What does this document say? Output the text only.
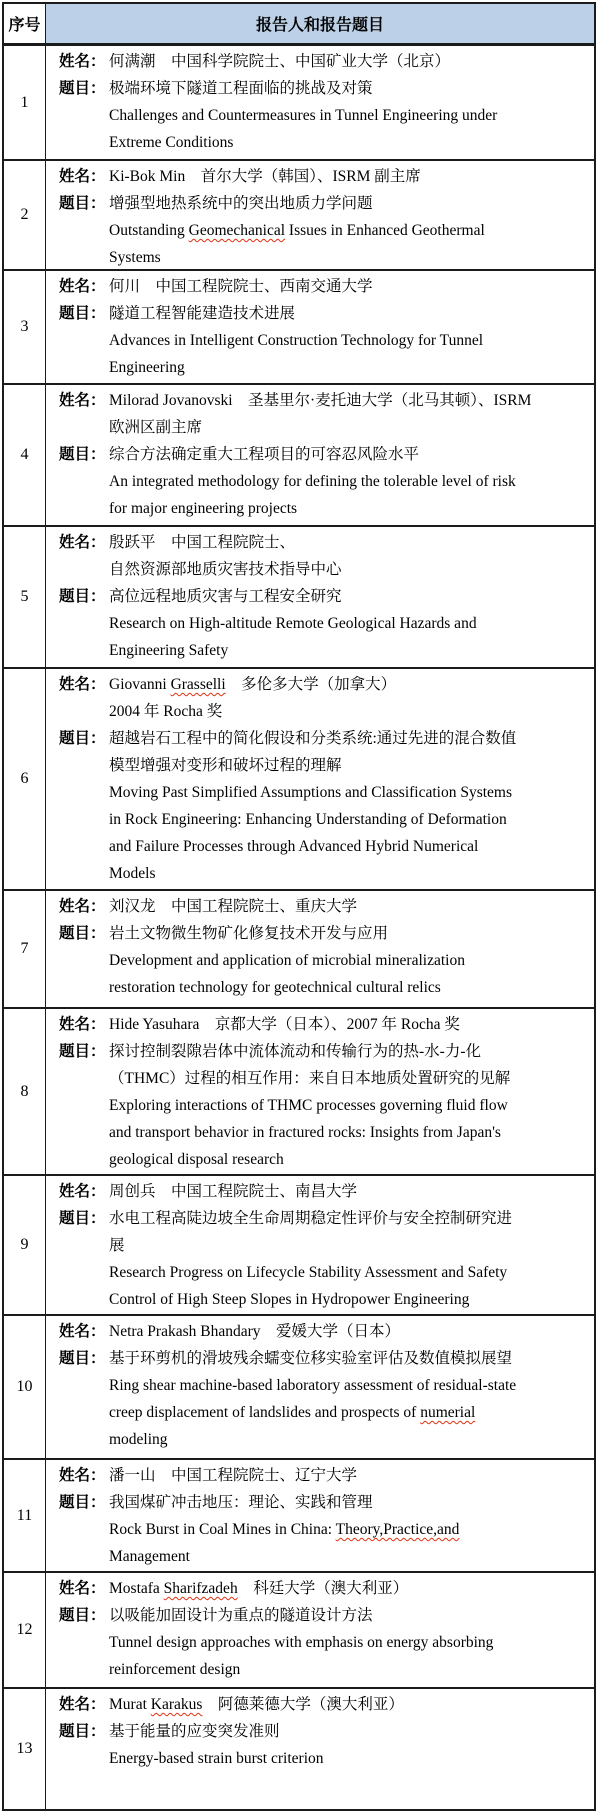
序号	报告人和报告题目
1
姓名： 何满潮　中国科学院院士、中国矿业大学（北京）
题目： 极端环境下隧道工程面临的挑战及对策
Challenges and Countermeasures in Tunnel Engineering under
Extreme Conditions
2
姓名： Ki-Bok Min　首尔大学（韩国）、ISRM 副主席
题目： 增强型地热系统中的突出地质力学问题
Outstanding Geomechanical Issues in Enhanced Geothermal
Systems
3
姓名： 何川　中国工程院院士、西南交通大学
题目： 隧道工程智能建造技术进展
Advances in Intelligent Construction Technology for Tunnel
Engineering
4
姓名： Milorad Jovanovski　圣基里尔·麦托迪大学（北马其顿）、ISRM
欧洲区副主席
题目： 综合方法确定重大工程项目的可容忍风险水平
An integrated methodology for defining the tolerable level of risk
for major engineering projects
5
姓名： 殷跃平　中国工程院院士、
自然资源部地质灾害技术指导中心
题目： 高位远程地质灾害与工程安全研究
Research on High-altitude Remote Geological Hazards and
Engineering Safety
6
姓名： Giovanni Grasselli　多伦多大学（加拿大）
2004 年 Rocha 奖
题目： 超越岩石工程中的简化假设和分类系统:通过先进的混合数值
模型增强对变形和破坏过程的理解
Moving Past Simplified Assumptions and Classification Systems
in Rock Engineering: Enhancing Understanding of Deformation
and Failure Processes through Advanced Hybrid Numerical
Models
7
姓名： 刘汉龙　中国工程院院士、重庆大学
题目： 岩土文物微生物矿化修复技术开发与应用
Development and application of microbial mineralization
restoration technology for geotechnical cultural relics
8
姓名： Hide Yasuhara　京都大学（日本）、2007 年 Rocha 奖
题目： 探讨控制裂隙岩体中流体流动和传输行为的热-水-力-化
（THMC）过程的相互作用：来自日本地质处置研究的见解
Exploring interactions of THMC processes governing fluid flow
and transport behavior in fractured rocks: Insights from Japan's
geological disposal research
9
姓名： 周创兵　中国工程院院士、南昌大学
题目： 水电工程高陡边坡全生命周期稳定性评价与安全控制研究进
展
Research Progress on Lifecycle Stability Assessment and Safety
Control of High Steep Slopes in Hydropower Engineering
10
姓名： Netra Prakash Bhandary　爱媛大学（日本）
题目： 基于环剪机的滑坡残余蠕变位移实验室评估及数值模拟展望
Ring shear machine-based laboratory assessment of residual-state
creep displacement of landslides and prospects of numerial
modeling
11
姓名： 潘一山　中国工程院院士、辽宁大学
题目： 我国煤矿冲击地压：理论、实践和管理
Rock Burst in Coal Mines in China: Theory,Practice,and
Management
12
姓名： Mostafa Sharifzadeh　科廷大学（澳大利亚）
题目： 以吸能加固设计为重点的隧道设计方法
Tunnel design approaches with emphasis on energy absorbing
reinforcement design
13
姓名： Murat Karakus　阿德莱德大学（澳大利亚）
题目： 基于能量的应变突发准则
Energy-based strain burst criterion
